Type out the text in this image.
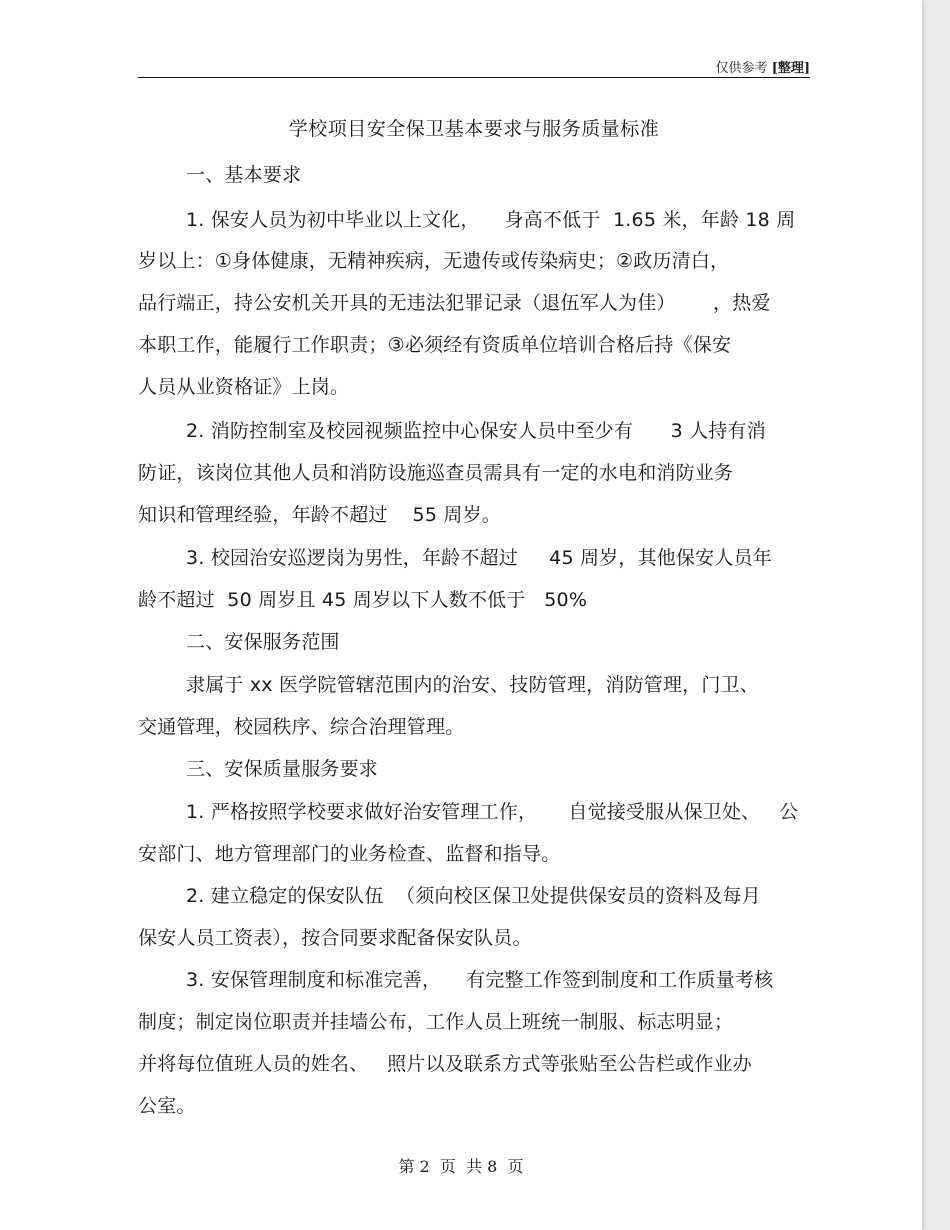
仅供参考 [整理]
学校项目安全保卫基本要求与服务质量标准
一、基本要求
1. 保安人员为初中毕业以上文化，    身高不低于  1.65 米，年龄 18 周
岁以上：①身体健康，无精神疾病，无遗传或传染病史；②政历清白，
品行端正，持公安机关开具的无违法犯罪记录（退伍军人为佳）      ，热爱
本职工作，能履行工作职责；③必须经有资质单位培训合格后持《保安
人员从业资格证》上岗。
2. 消防控制室及校园视频监控中心保安人员中至少有      3 人持有消
防证，该岗位其他人员和消防设施巡查员需具有一定的水电和消防业务
知识和管理经验，年龄不超过    55 周岁。
3. 校园治安巡逻岗为男性，年龄不超过     45 周岁，其他保安人员年
龄不超过  50 周岁且 45 周岁以下人数不低于   50%
二、安保服务范围
隶属于 xx 医学院管辖范围内的治安、技防管理，消防管理，门卫、
交通管理，校园秩序、综合治理管理。
三、安保质量服务要求
1. 严格按照学校要求做好治安管理工作，     自觉接受服从保卫处、   公
安部门、地方管理部门的业务检查、监督和指导。
2. 建立稳定的保安队伍  （须向校区保卫处提供保安员的资料及每月
保安人员工资表），按合同要求配备保安队员。
3. 安保管理制度和标准完善，    有完整工作签到制度和工作质量考核
制度；制定岗位职责并挂墙公布，工作人员上班统一制服、标志明显；
并将每位值班人员的姓名、   照片以及联系方式等张贴至公告栏或作业办
公室。
第 2  页  共 8  页
